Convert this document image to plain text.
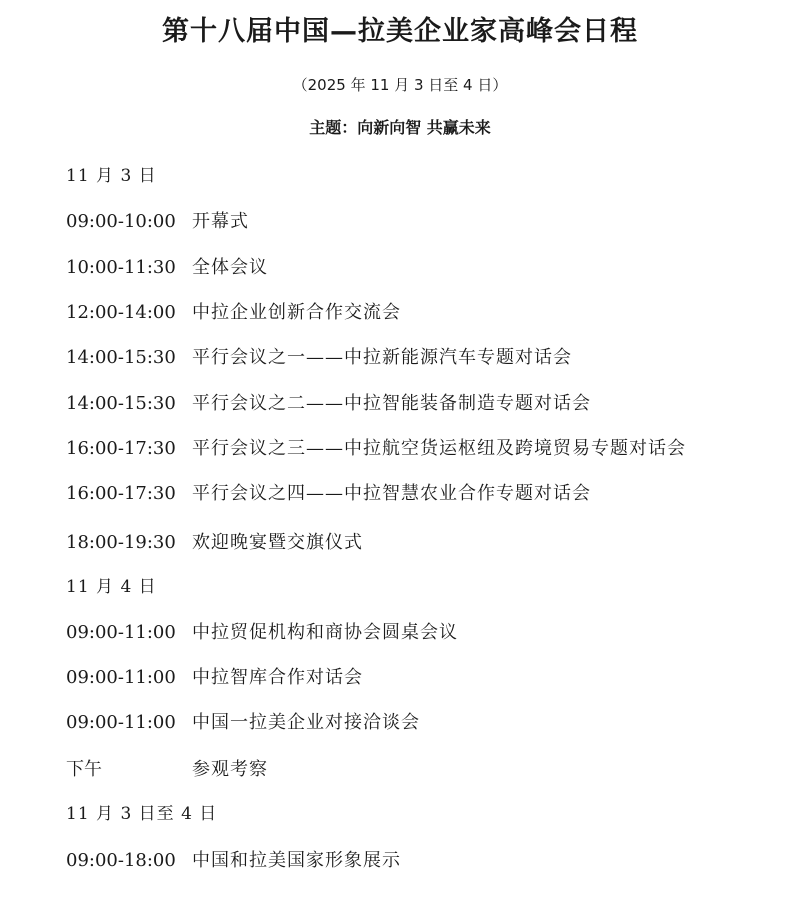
第十八届中国—拉美企业家高峰会日程
（2025 年 11 月 3 日至 4 日）
主题：向新向智 共赢未来
11 月 3 日
09:00-10:00 开幕式
10:00-11:30 全体会议
12:00-14:00 中拉企业创新合作交流会
14:00-15:30 平行会议之一——中拉新能源汽车专题对话会
14:00-15:30 平行会议之二——中拉智能装备制造专题对话会
16:00-17:30 平行会议之三——中拉航空货运枢纽及跨境贸易专题对话会
16:00-17:30 平行会议之四——中拉智慧农业合作专题对话会
18:00-19:30 欢迎晚宴暨交旗仪式
11 月 4 日
09:00-11:00 中拉贸促机构和商协会圆桌会议
09:00-11:00 中拉智库合作对话会
09:00-11:00 中国一拉美企业对接洽谈会
下午	参观考察
11 月 3 日至 4 日
09:00-18:00 中国和拉美国家形象展示
